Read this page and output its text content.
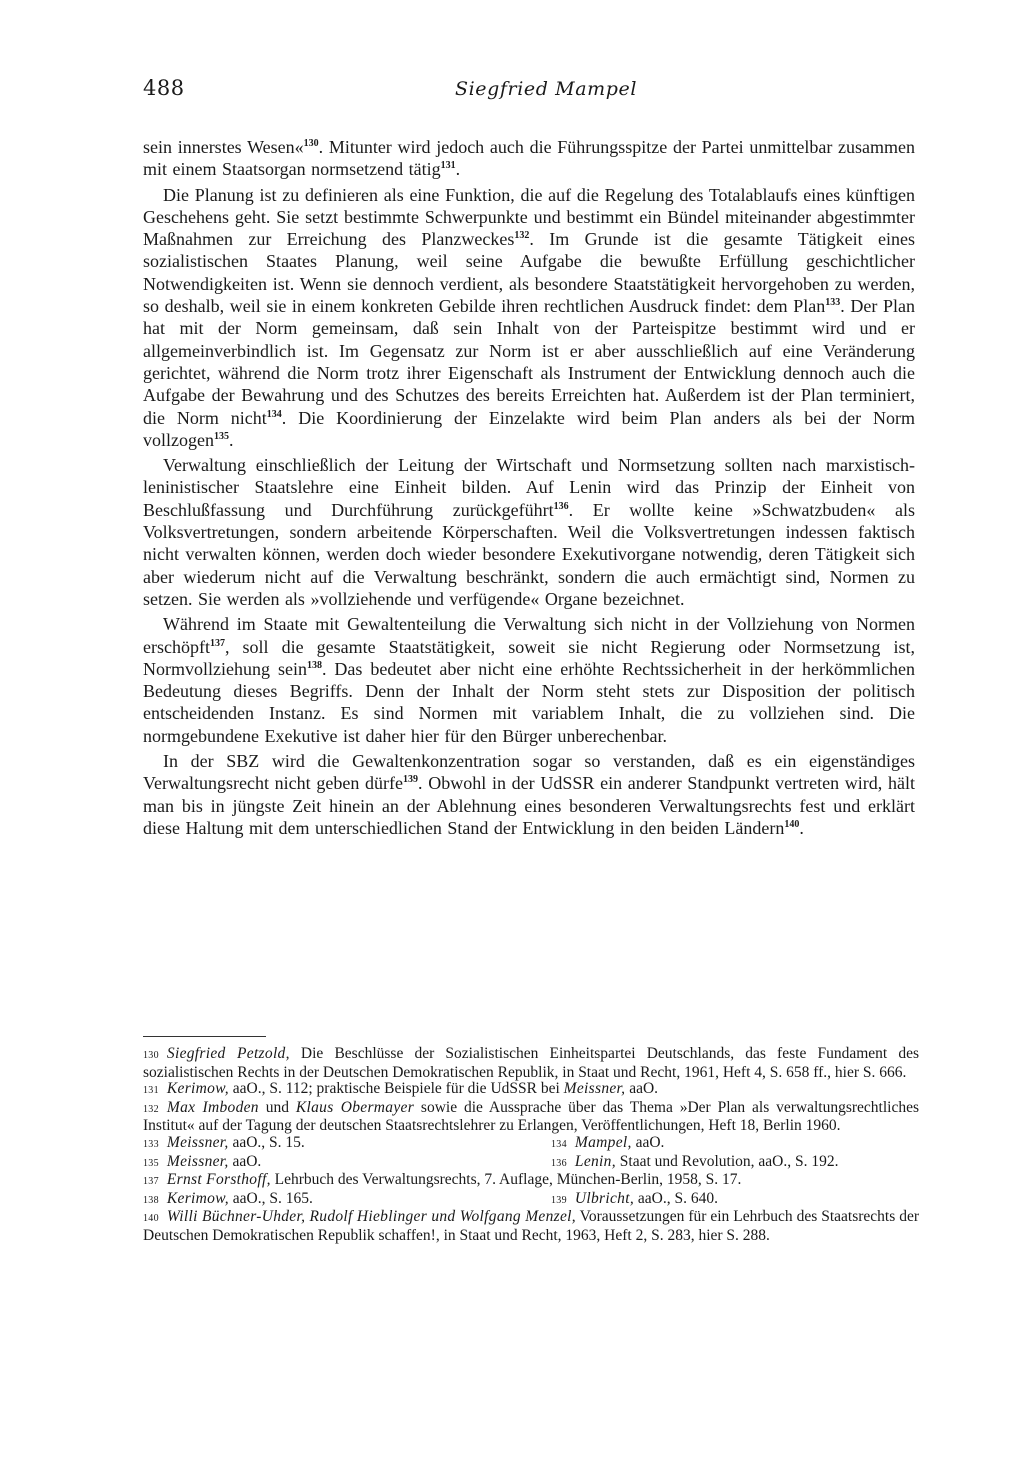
488	Siegfried Mampel

sein innerstes Wesen«$^{130}$. Mitunter wird jedoch auch die Führungsspitze der Partei unmittelbar zusammen mit einem Staatsorgan normsetzend tätig$^{131}$.

Die Planung ist zu definieren als eine Funktion, die auf die Regelung des Totalablaufs eines künftigen Geschehens geht. Sie setzt bestimmte Schwerpunkte und bestimmt ein Bündel miteinander abgestimmter Maßnahmen zur Erreichung des Planzweckes$^{132}$. Im Grunde ist die gesamte Tätigkeit eines sozialistischen Staates Planung, weil seine Aufgabe die bewußte Erfüllung geschichtlicher Notwendigkeiten ist. Wenn sie dennoch verdient, als besondere Staatstätigkeit hervorgehoben zu werden, so deshalb, weil sie in einem konkreten Gebilde ihren rechtlichen Ausdruck findet: dem Plan$^{133}$. Der Plan hat mit der Norm gemeinsam, daß sein Inhalt von der Parteispitze bestimmt wird und er allgemeinverbindlich ist. Im Gegensatz zur Norm ist er aber ausschließlich auf eine Veränderung gerichtet, während die Norm trotz ihrer Eigenschaft als Instrument der Entwicklung dennoch auch die Aufgabe der Bewahrung und des Schutzes des bereits Erreichten hat. Außerdem ist der Plan terminiert, die Norm nicht$^{134}$. Die Koordinierung der Einzelakte wird beim Plan anders als bei der Norm vollzogen$^{135}$.

Verwaltung einschließlich der Leitung der Wirtschaft und Normsetzung sollten nach marxistisch-leninistischer Staatslehre eine Einheit bilden. Auf Lenin wird das Prinzip der Einheit von Beschlußfassung und Durchführung zurückgeführt$^{136}$. Er wollte keine »Schwatzbuden« als Volksvertretungen, sondern arbeitende Körperschaften. Weil die Volksvertretungen indessen faktisch nicht verwalten können, werden doch wieder besondere Exekutivorgane notwendig, deren Tätigkeit sich aber wiederum nicht auf die Verwaltung beschränkt, sondern die auch ermächtigt sind, Normen zu setzen. Sie werden als »vollziehende und verfügende« Organe bezeichnet.

Während im Staate mit Gewaltenteilung die Verwaltung sich nicht in der Vollziehung von Normen erschöpft$^{137}$, soll die gesamte Staatstätigkeit, soweit sie nicht Regierung oder Normsetzung ist, Normvollziehung sein$^{138}$. Das bedeutet aber nicht eine erhöhte Rechtssicherheit in der herkömmlichen Bedeutung dieses Begriffs. Denn der Inhalt der Norm steht stets zur Disposition der politisch entscheidenden Instanz. Es sind Normen mit variablem Inhalt, die zu vollziehen sind. Die normgebundene Exekutive ist daher hier für den Bürger unberechenbar.

In der SBZ wird die Gewaltenkonzentration sogar so verstanden, daß es ein eigenständiges Verwaltungsrecht nicht geben dürfe$^{139}$. Obwohl in der UdSSR ein anderer Standpunkt vertreten wird, hält man bis in jüngste Zeit hinein an der Ablehnung eines besonderen Verwaltungsrechts fest und erklärt diese Haltung mit dem unterschiedlichen Stand der Entwicklung in den beiden Ländern$^{140}$.

130 Siegfried Petzold, Die Beschlüsse der Sozialistischen Einheitspartei Deutschlands, das feste Fundament des sozialistischen Rechts in der Deutschen Demokratischen Republik, in Staat und Recht, 1961, Heft 4, S. 658 ff., hier S. 666.
131 Kerimow, aaO., S. 112; praktische Beispiele für die UdSSR bei Meissner, aaO.
132 Max Imboden und Klaus Obermayer sowie die Aussprache über das Thema »Der Plan als verwaltungsrechtliches Institut« auf der Tagung der deutschen Staatsrechtslehrer zu Erlangen, Veröffentlichungen, Heft 18, Berlin 1960.
133 Meissner, aaO., S. 15.	134 Mampel, aaO.
135 Meissner, aaO.	136 Lenin, Staat und Revolution, aaO., S. 192.
137 Ernst Forsthoff, Lehrbuch des Verwaltungsrechts, 7. Auflage, München-Berlin, 1958, S. 17.
138 Kerimow, aaO., S. 165.	139 Ulbricht, aaO., S. 640.
140 Willi Büchner-Uhder, Rudolf Hieblinger und Wolfgang Menzel, Voraussetzungen für ein Lehrbuch des Staatsrechts der Deutschen Demokratischen Republik schaffen!, in Staat und Recht, 1963, Heft 2, S. 283, hier S. 288.
